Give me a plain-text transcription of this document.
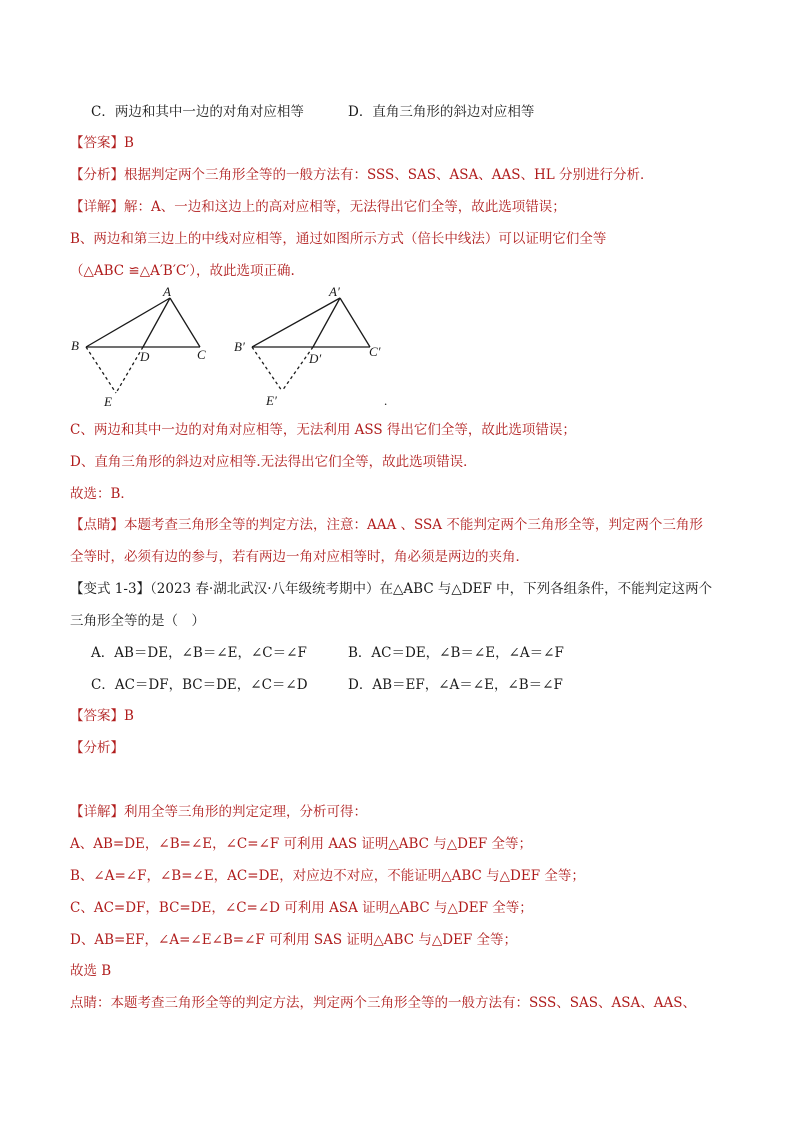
C．两边和其中一边的对角对应相等	D．直角三角形的斜边对应相等
【答案】B
【分析】根据判定两个三角形全等的一般方法有：SSS、SAS、ASA、AAS、HL 分别进行分析．
【详解】解：A、一边和这边上的高对应相等，无法得出它们全等，故此选项错误；
B、两边和第三边上的中线对应相等，通过如图所示方式（倍长中线法）可以证明它们全等
（△ABC ≌△A′B′C′），故此选项正确.
A
B
C
D
E
A′
B′	C′
D′
E′	.
C、两边和其中一边的对角对应相等，无法利用 ASS 得出它们全等，故此选项错误；
D、直角三角形的斜边对应相等.无法得出它们全等，故此选项错误．
故选：B．
【点睛】本题考查三角形全等的判定方法，注意：AAA 、SSA 不能判定两个三角形全等，判定两个三角形
全等时，必须有边的参与，若有两边一角对应相等时，角必须是两边的夹角．
【变式 1-3】（2023 春·湖北武汉·八年级统考期中）在△ABC 与△DEF 中，下列各组条件，不能判定这两个
三角形全等的是（　）
A．AB＝DE，∠B＝∠E，∠C＝∠F	B．AC＝DE，∠B＝∠E，∠A＝∠F
C．AC＝DF，BC＝DE，∠C＝∠D	D．AB＝EF，∠A＝∠E，∠B＝∠F
【答案】B
【分析】
【详解】利用全等三角形的判定定理，分析可得：
A、AB=DE，∠B=∠E，∠C=∠F 可利用 AAS 证明△ABC 与△DEF 全等；
B、∠A=∠F，∠B=∠E，AC=DE，对应边不对应，不能证明△ABC 与△DEF 全等；
C、AC=DF，BC=DE，∠C=∠D 可利用 ASA 证明△ABC 与△DEF 全等；
D、AB=EF，∠A=∠E∠B=∠F 可利用 SAS 证明△ABC 与△DEF 全等；
故选 B
点睛：本题考查三角形全等的判定方法，判定两个三角形全等的一般方法有：SSS、SAS、ASA、AAS、
